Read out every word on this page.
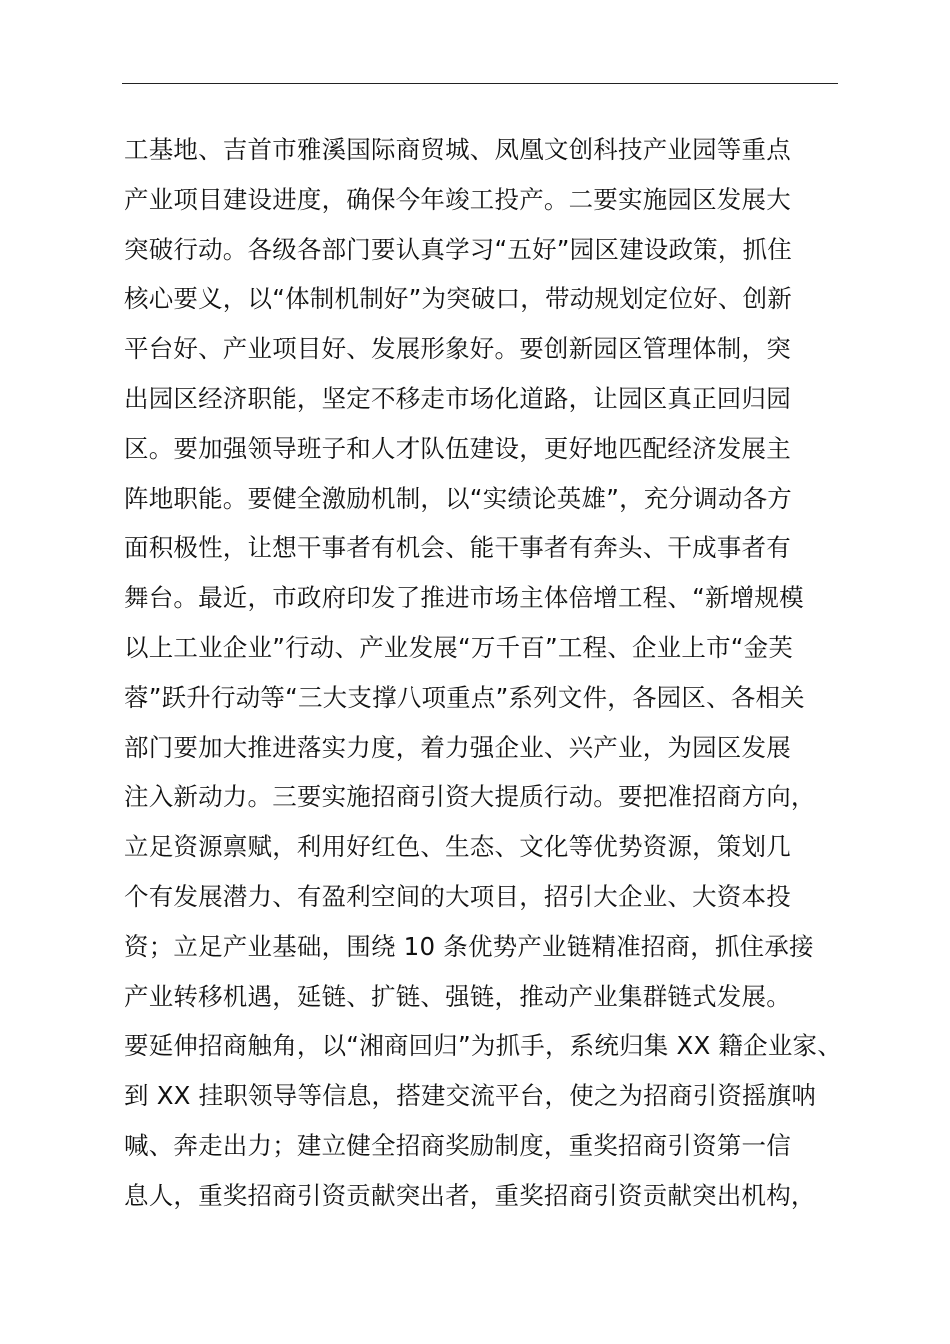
工基地、吉首市雅溪国际商贸城、凤凰文创科技产业园等重点
产业项目建设进度，确保今年竣工投产。二要实施园区发展大
突破行动。各级各部门要认真学习“五好”园区建设政策，抓住
核心要义，以“体制机制好”为突破口，带动规划定位好、创新
平台好、产业项目好、发展形象好。要创新园区管理体制，突
出园区经济职能，坚定不移走市场化道路，让园区真正回归园
区。要加强领导班子和人才队伍建设，更好地匹配经济发展主
阵地职能。要健全激励机制，以“实绩论英雄”，充分调动各方
面积极性，让想干事者有机会、能干事者有奔头、干成事者有
舞台。最近，市政府印发了推进市场主体倍增工程、“新增规模
以上工业企业”行动、产业发展“万千百”工程、企业上市“金芙
蓉”跃升行动等“三大支撑八项重点”系列文件，各园区、各相关
部门要加大推进落实力度，着力强企业、兴产业，为园区发展
注入新动力。三要实施招商引资大提质行动。要把准招商方向，
立足资源禀赋，利用好红色、生态、文化等优势资源，策划几
个有发展潜力、有盈利空间的大项目，招引大企业、大资本投
资；立足产业基础，围绕 10 条优势产业链精准招商，抓住承接
产业转移机遇，延链、扩链、强链，推动产业集群链式发展。
要延伸招商触角，以“湘商回归”为抓手，系统归集 XX 籍企业家、
到 XX 挂职领导等信息，搭建交流平台，使之为招商引资摇旗呐
喊、奔走出力；建立健全招商奖励制度，重奖招商引资第一信
息人，重奖招商引资贡献突出者，重奖招商引资贡献突出机构，
